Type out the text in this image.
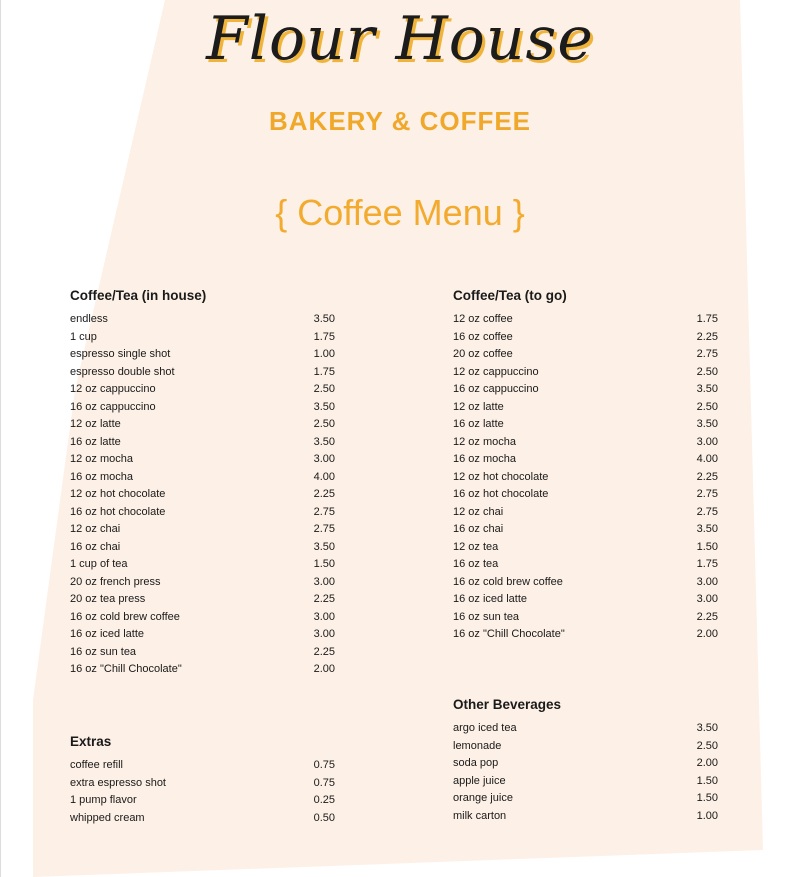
Flour House
BAKERY & COFFEE
{ Coffee Menu }
Coffee/Tea (in house)
endless	3.50
1 cup	1.75
espresso single shot	1.00
espresso double shot	1.75
12 oz cappuccino	2.50
16 oz cappuccino	3.50
12 oz latte	2.50
16 oz latte	3.50
12 oz mocha	3.00
16 oz mocha	4.00
12 oz hot chocolate	2.25
16 oz hot chocolate	2.75
12 oz chai	2.75
16 oz chai	3.50
1 cup of tea	1.50
20 oz french press	3.00
20 oz tea press	2.25
16 oz cold brew coffee	3.00
16 oz iced latte	3.00
16 oz sun tea	2.25
16 oz "Chill Chocolate"	2.00
Coffee/Tea (to go)
12 oz coffee	1.75
16 oz coffee	2.25
20 oz coffee	2.75
12 oz cappuccino	2.50
16 oz cappuccino	3.50
12 oz latte	2.50
16 oz latte	3.50
12 oz mocha	3.00
16 oz mocha	4.00
12 oz hot chocolate	2.25
16 oz hot chocolate	2.75
12 oz chai	2.75
16 oz chai	3.50
12 oz tea	1.50
16 oz tea	1.75
16 oz cold brew coffee	3.00
16 oz iced latte	3.00
16 oz sun tea	2.25
16 oz "Chill Chocolate"	2.00
Extras
coffee refill	0.75
extra espresso shot	0.75
1 pump flavor	0.25
whipped cream	0.50
Other Beverages
argo iced tea	3.50
lemonade	2.50
soda pop	2.00
apple juice	1.50
orange juice	1.50
milk carton	1.00
